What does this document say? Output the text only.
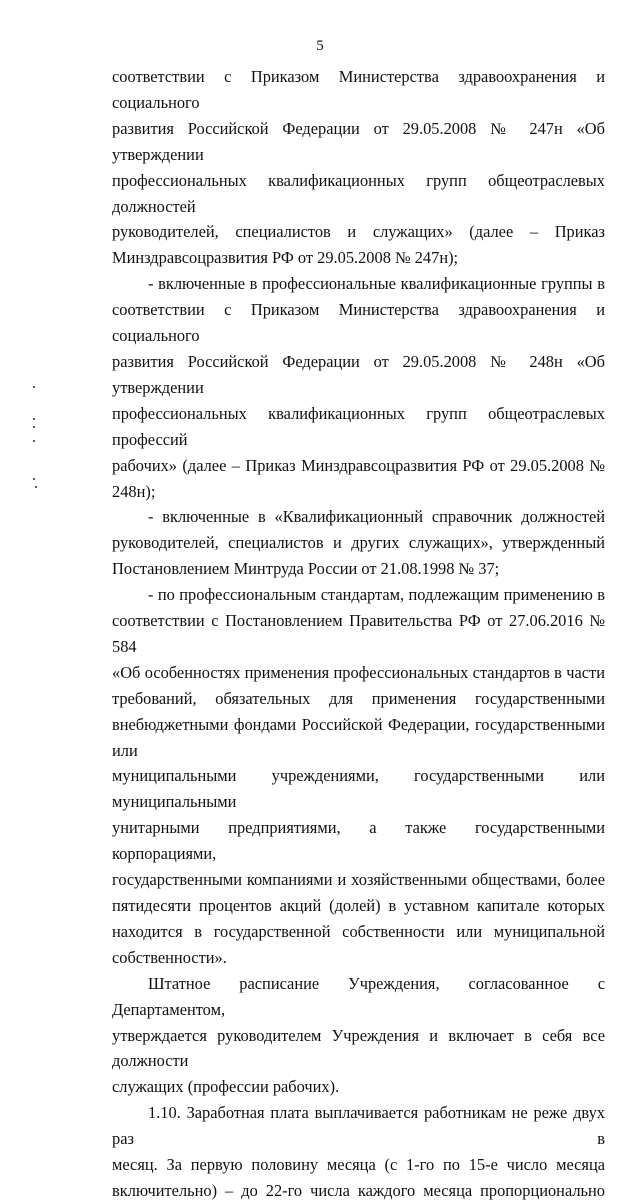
5

соответствии с Приказом Министерства здравоохранения и социального
развития Российской Федерации от 29.05.2008 № 247н «Об утверждении
профессиональных квалификационных групп общеотраслевых должностей
руководителей, специалистов и служащих» (далее – Приказ
Минздравсоцразвития РФ от 29.05.2008 № 247н);

- включенные в профессиональные квалификационные группы в
соответствии с Приказом Министерства здравоохранения и социального
развития Российской Федерации от 29.05.2008 № 248н «Об утверждении
профессиональных квалификационных групп общеотраслевых профессий
рабочих» (далее – Приказ Минздравсоцразвития РФ от 29.05.2008 № 248н);

- включенные в «Квалификационный справочник должностей
руководителей, специалистов и других служащих», утвержденный
Постановлением Минтруда России от 21.08.1998 № 37;

- по профессиональным стандартам, подлежащим применению в
соответствии с Постановлением Правительства РФ от 27.06.2016 № 584
«Об особенностях применения профессиональных стандартов в части
требований, обязательных для применения государственными
внебюджетными фондами Российской Федерации, государственными или
муниципальными учреждениями, государственными или муниципальными
унитарными предприятиями, а также государственными корпорациями,
государственными компаниями и хозяйственными обществами, более
пятидесяти процентов акций (долей) в уставном капитале которых
находится в государственной собственности или муниципальной
собственности».

Штатное расписание Учреждения, согласованное с Департаментом,
утверждается руководителем Учреждения и включает в себя все должности
служащих (профессии рабочих).

1.10. Заработная плата выплачивается работникам не реже двух раз в
месяц. За первую половину месяца (с 1-го по 15-е число месяца
включительно) – до 22-го числа каждого месяца пропорционально
